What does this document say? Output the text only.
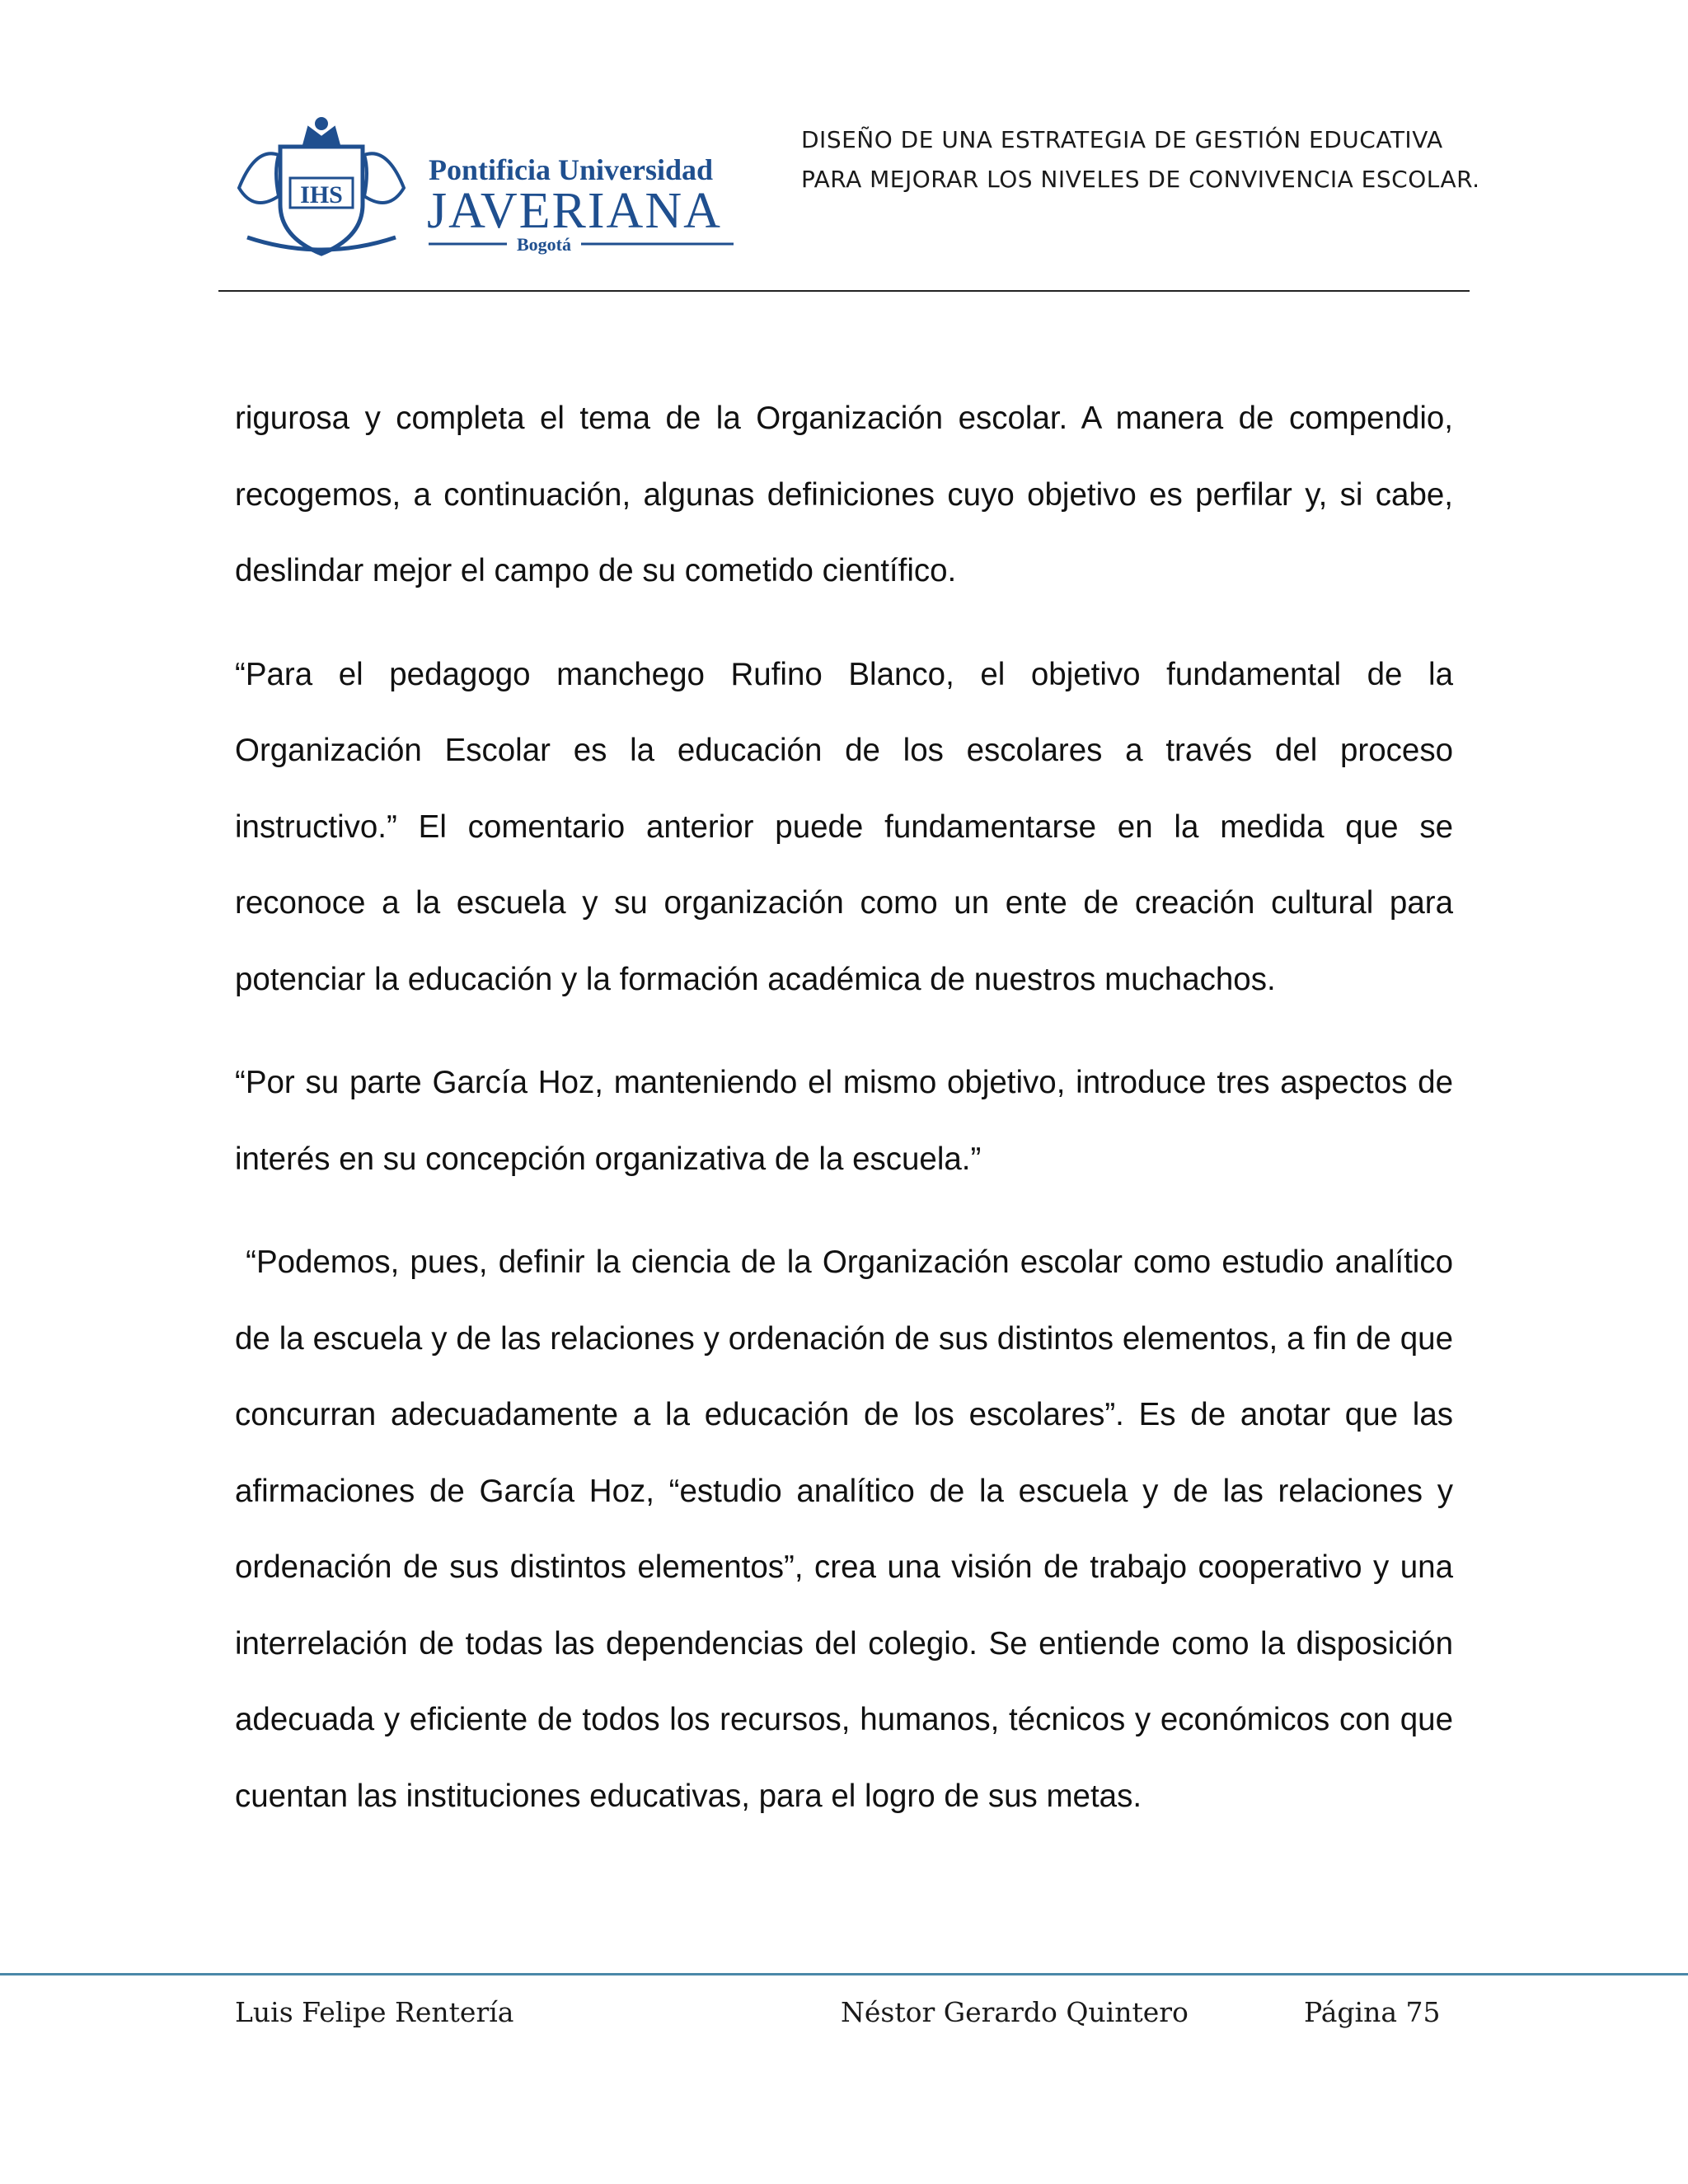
IHS
Pontificia Universidad
JAVERIANA
Bogotá
DISEÑO DE UNA ESTRATEGIA DE GESTIÓN EDUCATIVA
PARA MEJORAR LOS NIVELES DE CONVIVENCIA ESCOLAR.

rigurosa y completa el tema de la Organización escolar. A manera de compendio, recogemos, a continuación, algunas definiciones cuyo objetivo es perfilar y, si cabe, deslindar mejor el campo de su cometido científico.

“Para el pedagogo manchego Rufino Blanco, el objetivo fundamental de la Organización Escolar es la educación de los escolares a través del proceso instructivo.” El comentario anterior puede fundamentarse en la medida que se reconoce a la escuela y su organización como un ente de creación cultural para potenciar la educación y la formación académica de nuestros muchachos.

“Por su parte García Hoz, manteniendo el mismo objetivo, introduce tres aspectos de interés en su concepción organizativa de la escuela.”

“Podemos, pues, definir la ciencia de la Organización escolar como estudio analítico de la escuela y de las relaciones y ordenación de sus distintos elementos, a fin de que concurran adecuadamente a la educación de los escolares”. Es de anotar que las afirmaciones de García Hoz, “estudio analítico de la escuela y de las relaciones y ordenación de sus distintos elementos”, crea una visión de trabajo cooperativo y una interrelación de todas las dependencias del colegio. Se entiende como la disposición adecuada y eficiente de todos los recursos, humanos, técnicos y económicos con que cuentan las instituciones educativas, para el logro de sus metas.

Luis Felipe Rentería	Néstor Gerardo Quintero	Página 75
